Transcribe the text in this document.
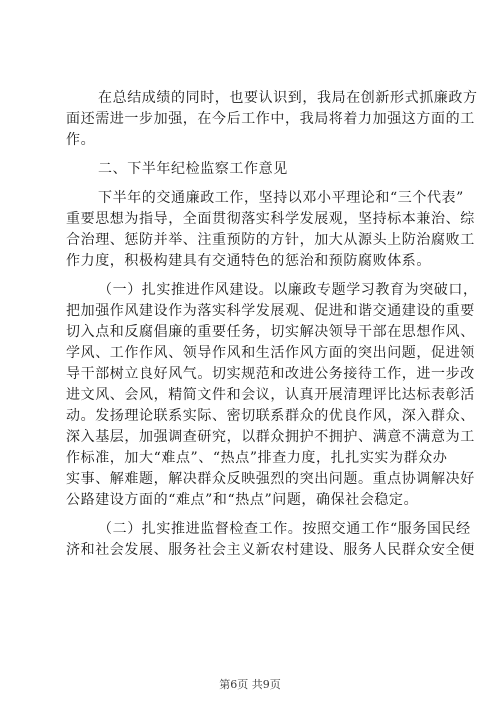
在总结成绩的同时，也要认识到，我局在创新形式抓廉政方
面还需进一步加强，在今后工作中，我局将着力加强这方面的工
作。
二、下半年纪检监察工作意见
下半年的交通廉政工作，坚持以邓小平理论和“三个代表”
重要思想为指导，全面贯彻落实科学发展观，坚持标本兼治、综
合治理、惩防并举、注重预防的方针，加大从源头上防治腐败工
作力度，积极构建具有交通特色的惩治和预防腐败体系。
（一）扎实推进作风建设。以廉政专题学习教育为突破口，
把加强作风建设作为落实科学发展观、促进和谐交通建设的重要
切入点和反腐倡廉的重要任务，切实解决领导干部在思想作风、
学风、工作作风、领导作风和生活作风方面的突出问题，促进领
导干部树立良好风气。切实规范和改进公务接待工作，进一步改
进文风、会风，精简文件和会议，认真开展清理评比达标表彰活
动。发扬理论联系实际、密切联系群众的优良作风，深入群众、
深入基层，加强调查研究，以群众拥护不拥护、满意不满意为工
作标准，加大“难点”、“热点”排查力度，扎扎实实为群众办
实事、解难题，解决群众反映强烈的突出问题。重点协调解决好
公路建设方面的“难点”和“热点”问题，确保社会稳定。
（二）扎实推进监督检查工作。按照交通工作“服务国民经
济和社会发展、服务社会主义新农村建设、服务人民群众安全便
第6页 共9页
